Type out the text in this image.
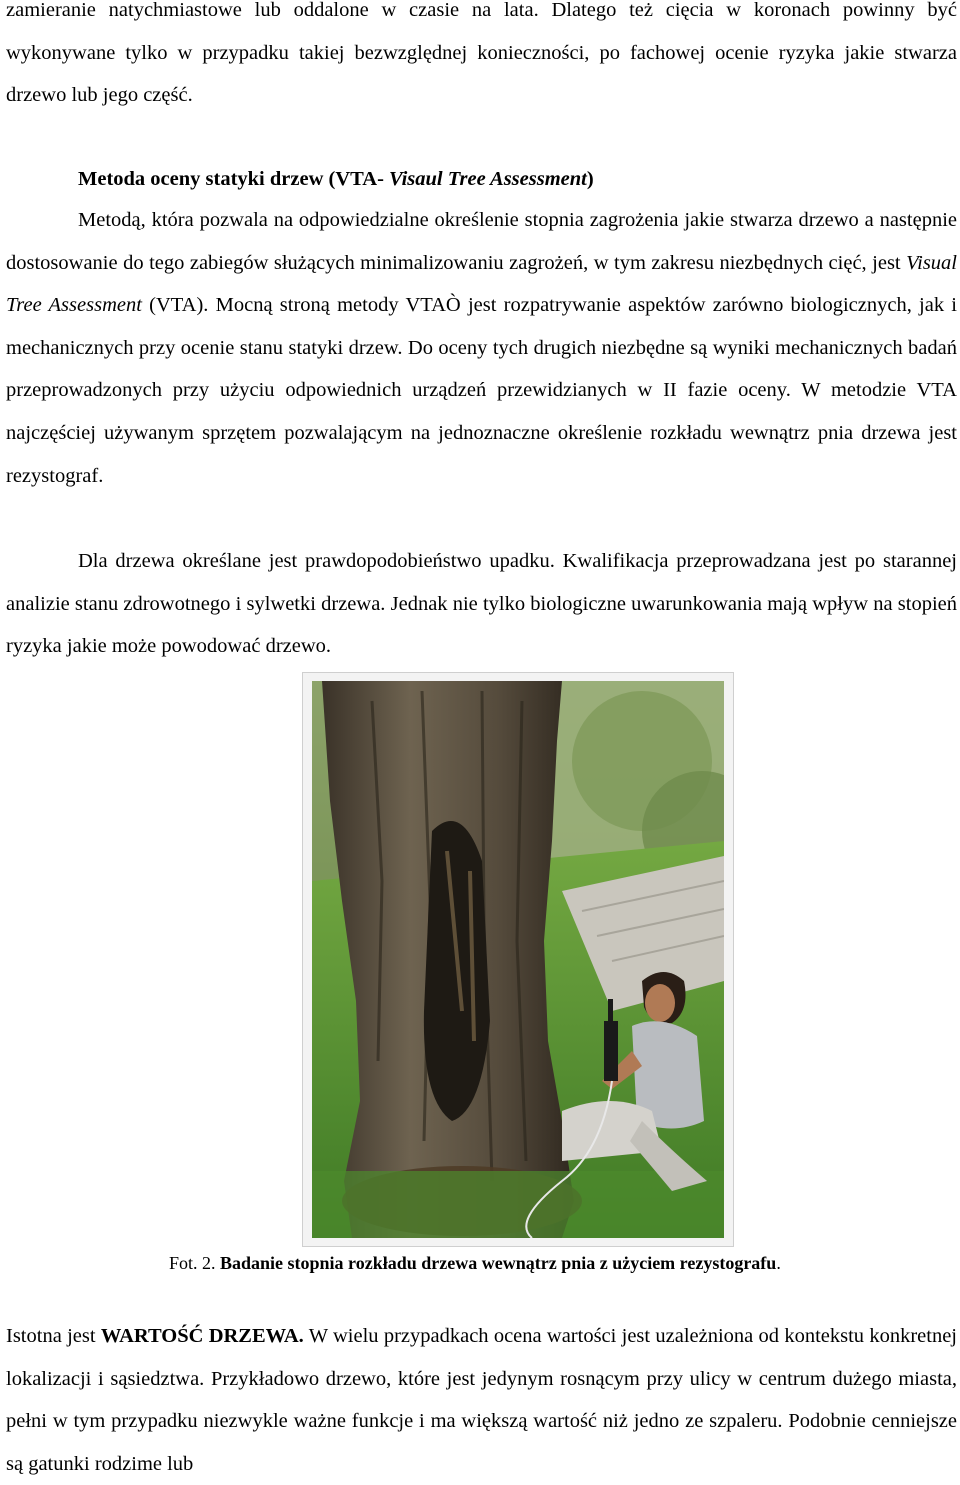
zamieranie natychmiastowe lub oddalone w czasie na lata. Dlatego też cięcia w koronach powinny być wykonywane tylko w przypadku takiej bezwzględnej konieczności, po fachowej ocenie ryzyka jakie stwarza drzewo lub jego część.

Metoda oceny statyki drzew (VTA- Visaul Tree Assessment)

Metodą, która pozwala na odpowiedzialne określenie stopnia zagrożenia jakie stwarza drzewo a następnie dostosowanie do tego zabiegów służących minimalizowaniu zagrożeń, w tym zakresu niezbędnych cięć, jest Visual Tree Assessment (VTA). Mocną stroną metody VTAÒ jest rozpatrywanie aspektów zarówno biologicznych, jak i mechanicznych przy ocenie stanu statyki drzew. Do oceny tych drugich niezbędne są wyniki mechanicznych badań przeprowadzonych przy użyciu odpowiednich urządzeń przewidzianych w II fazie oceny. W metodzie VTA najczęściej używanym sprzętem pozwalającym na jednoznaczne określenie rozkładu wewnątrz pnia drzewa jest rezystograf.

Dla drzewa określane jest prawdopodobieństwo upadku. Kwalifikacja przeprowadzana jest po starannej analizie stanu zdrowotnego i sylwetki drzewa. Jednak nie tylko biologiczne uwarunkowania mają wpływ na stopień ryzyka jakie może powodować drzewo.

Fot. 2. Badanie stopnia rozkładu drzewa wewnątrz pnia z użyciem rezystografu.

Istotna jest WARTOŚĆ DRZEWA. W wielu przypadkach ocena wartości jest uzależniona od kontekstu konkretnej lokalizacji i sąsiedztwa. Przykładowo drzewo, które jest jedynym rosnącym przy ulicy w centrum dużego miasta, pełni w tym przypadku niezwykle ważne funkcje i ma większą wartość niż jedno ze szpaleru. Podobnie cenniejsze są gatunki rodzime lub
